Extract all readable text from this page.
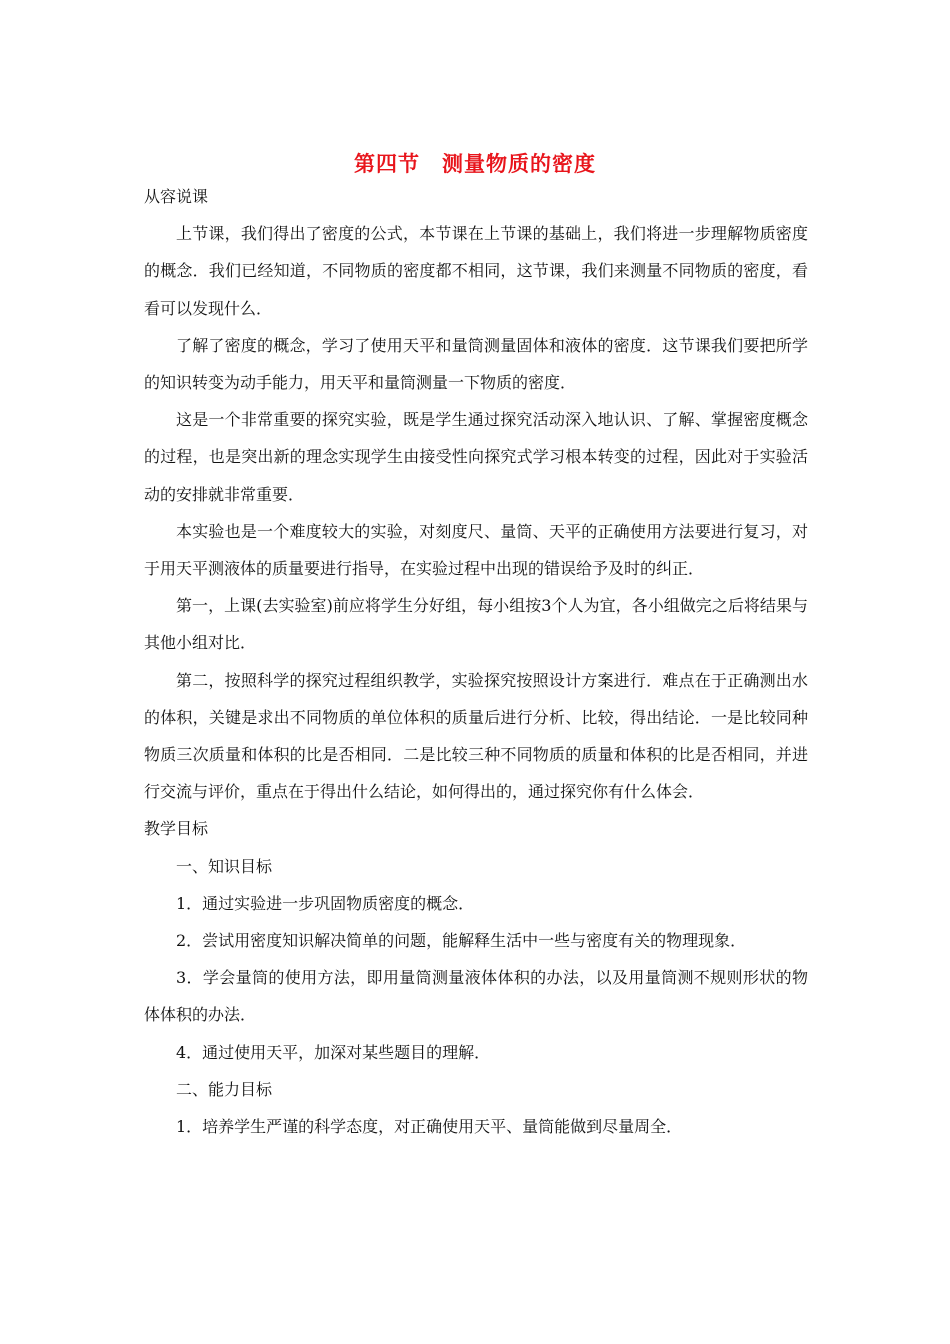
第四节　测量物质的密度

从容说课

上节课，我们得出了密度的公式，本节课在上节课的基础上，我们将进一步理解物质密度的概念．我们已经知道，不同物质的密度都不相同，这节课，我们来测量不同物质的密度，看看可以发现什么．

了解了密度的概念，学习了使用天平和量筒测量固体和液体的密度．这节课我们要把所学的知识转变为动手能力，用天平和量筒测量一下物质的密度．

这是一个非常重要的探究实验，既是学生通过探究活动深入地认识、了解、掌握密度概念的过程，也是突出新的理念实现学生由接受性向探究式学习根本转变的过程，因此对于实验活动的安排就非常重要．

本实验也是一个难度较大的实验，对刻度尺、量筒、天平的正确使用方法要进行复习，对于用天平测液体的质量要进行指导，在实验过程中出现的错误给予及时的纠正．

第一，上课(去实验室)前应将学生分好组，每小组按3个人为宜，各小组做完之后将结果与其他小组对比．

第二，按照科学的探究过程组织教学，实验探究按照设计方案进行．难点在于正确测出水的体积，关键是求出不同物质的单位体积的质量后进行分析、比较，得出结论．一是比较同种物质三次质量和体积的比是否相同．二是比较三种不同物质的质量和体积的比是否相同，并进行交流与评价，重点在于得出什么结论，如何得出的，通过探究你有什么体会．

教学目标

一、知识目标

1．通过实验进一步巩固物质密度的概念．

2．尝试用密度知识解决简单的问题，能解释生活中一些与密度有关的物理现象．

3．学会量筒的使用方法，即用量筒测量液体体积的办法，以及用量筒测不规则形状的物体体积的办法．

4．通过使用天平，加深对某些题目的理解．

二、能力目标

1．培养学生严谨的科学态度，对正确使用天平、量筒能做到尽量周全．
